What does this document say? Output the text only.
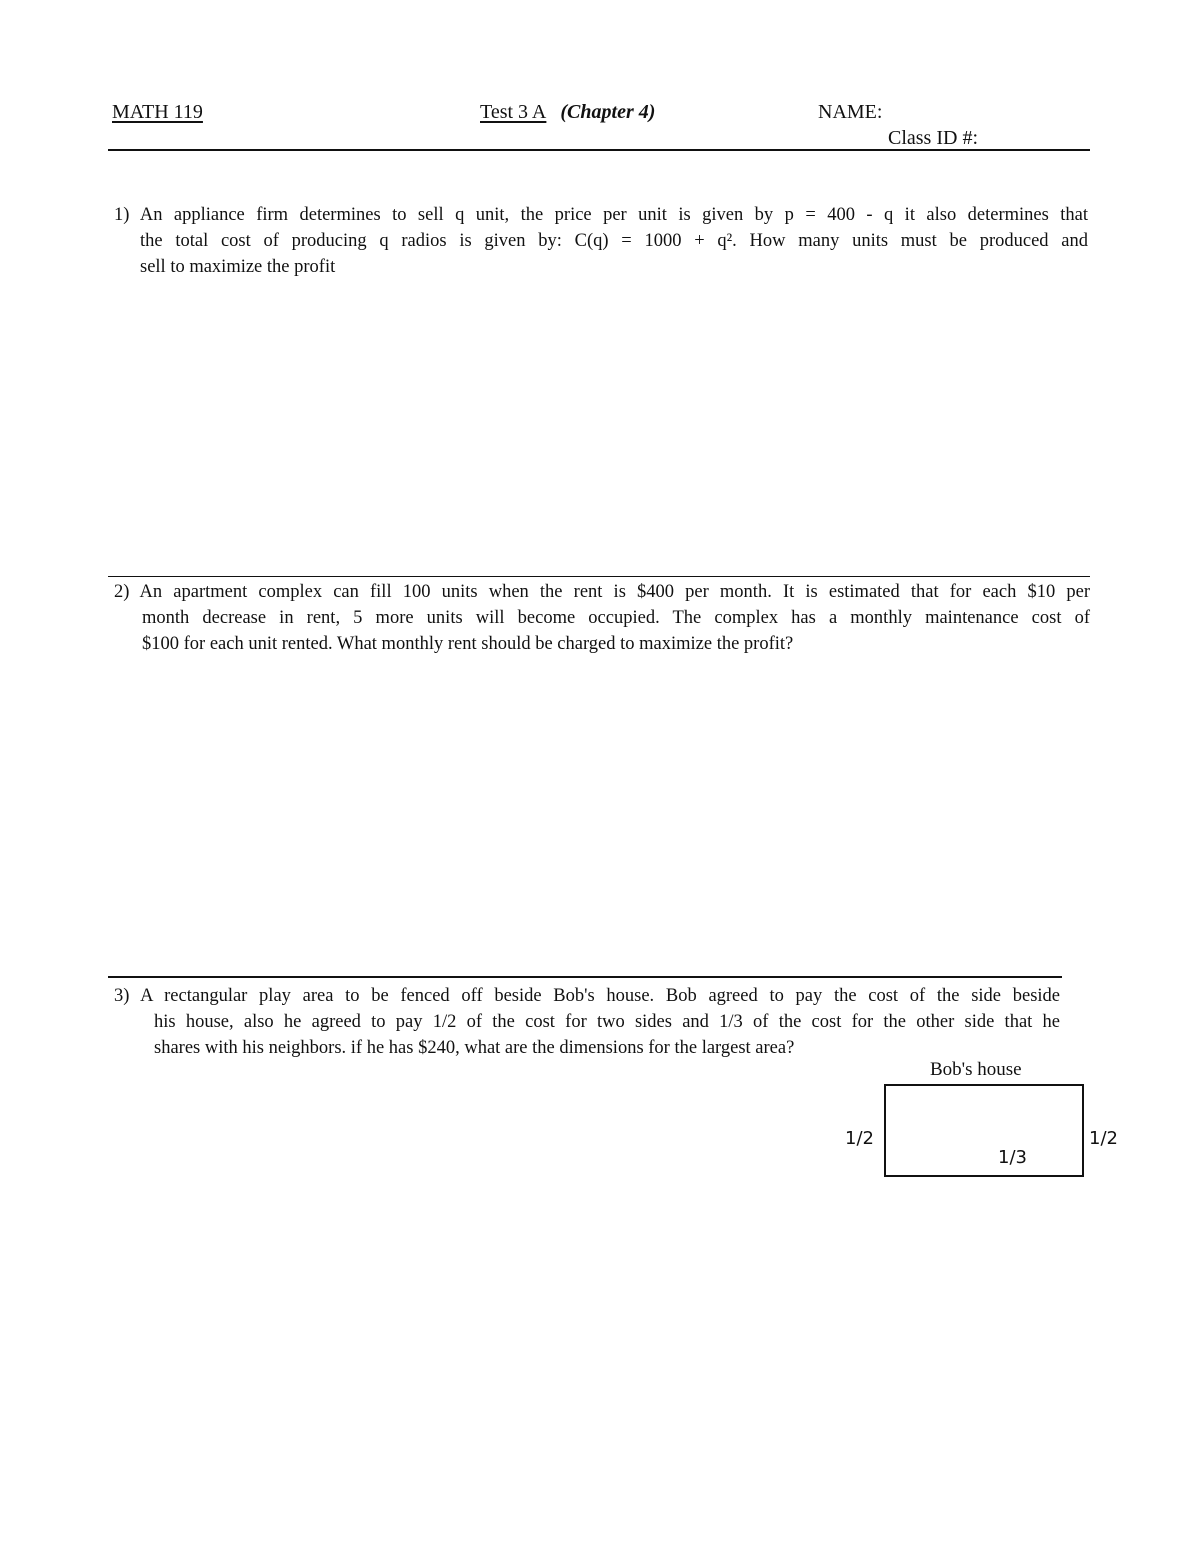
MATH 119	Test 3 A (Chapter 4)	NAME:
Class ID #:
1) An appliance firm determines to sell q unit, the price per unit is given by p = 400 - q it also determines that
the total cost of producing q radios is given by: C(q) = 1000 + q². How many units must be produced and
sell to maximize the profit
2) An apartment complex can fill 100 units when the rent is $400 per month. It is estimated that for each $10 per
month decrease in rent, 5 more units will become occupied. The complex has a monthly maintenance cost of
$100 for each unit rented. What monthly rent should be charged to maximize the profit?
3) A rectangular play area to be fenced off beside Bob's house. Bob agreed to pay the cost of the side beside
his house, also he agreed to pay 1/2 of the cost for two sides and 1/3 of the cost for the other side that he
shares with his neighbors. if he has $240, what are the dimensions for the largest area?
Bob's house
1/2	1/2
1/3
